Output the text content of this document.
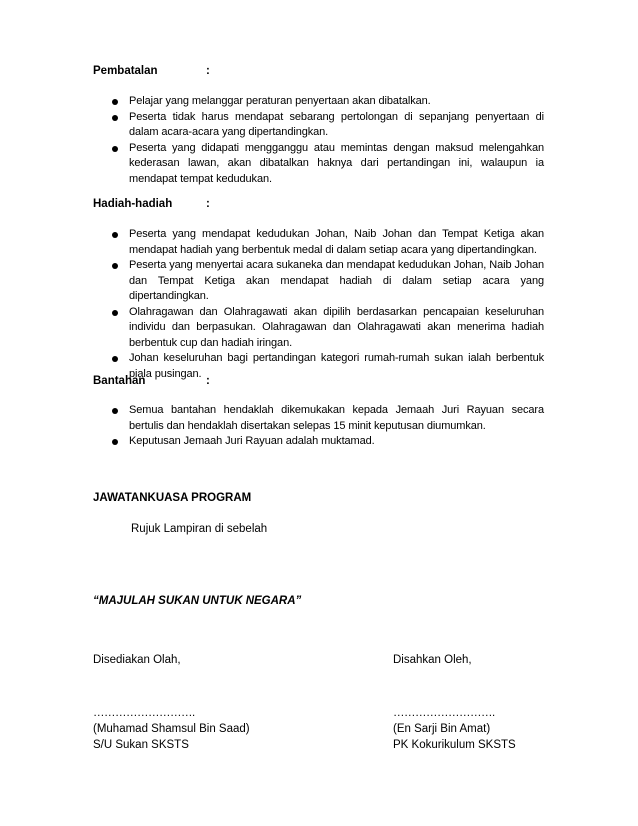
Pembatalan	:
Pelajar yang melanggar peraturan penyertaan akan dibatalkan.
Peserta tidak harus mendapat sebarang pertolongan di sepanjang penyertaan di dalam acara-acara yang dipertandingkan.
Peserta yang didapati mengganggu atau memintas dengan maksud melengahkan kederasan lawan, akan dibatalkan haknya dari pertandingan ini, walaupun ia mendapat tempat kedudukan.
Hadiah-hadiah	:
Peserta yang mendapat kedudukan Johan, Naib Johan dan Tempat Ketiga akan mendapat hadiah yang berbentuk medal di dalam setiap acara yang dipertandingkan.
Peserta yang menyertai acara sukaneka dan mendapat kedudukan Johan, Naib Johan dan Tempat Ketiga akan mendapat hadiah di dalam setiap acara yang dipertandingkan.
Olahragawan dan Olahragawati akan dipilih berdasarkan pencapaian keseluruhan individu dan berpasukan. Olahragawan dan Olahragawati akan menerima hadiah berbentuk cup dan hadiah iringan.
Johan keseluruhan bagi pertandingan kategori rumah-rumah sukan ialah berbentuk piala pusingan.
Bantahan	:
Semua bantahan hendaklah dikemukakan kepada Jemaah Juri Rayuan secara bertulis dan hendaklah disertakan selepas 15 minit keputusan diumumkan.
Keputusan Jemaah Juri Rayuan adalah muktamad.
JAWATANKUASA PROGRAM
Rujuk Lampiran di sebelah
“MAJULAH SUKAN UNTUK NEGARA”
Disediakan Olah,	Disahkan Oleh,
……………………….	……………………….
(Muhamad Shamsul Bin Saad)	(En Sarji Bin Amat)
S/U Sukan SKSTS	PK Kokurikulum SKSTS
